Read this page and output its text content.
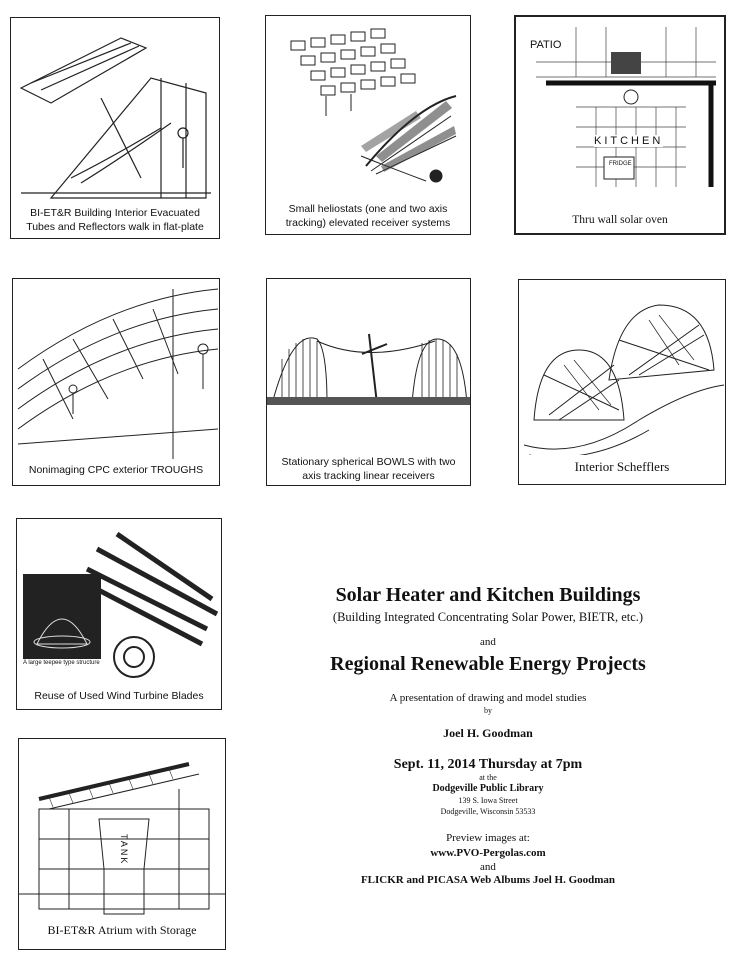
BI-ET&R Building Interior Evacuated Tubes and Reflectors walk in flat-plate
Small heliostats (one and two axis tracking) elevated receiver systems
PATIO
KITCHEN
FRIDGE
Thru wall solar oven
Nonimaging CPC exterior TROUGHS
Stationary spherical BOWLS with two axis tracking linear receivers
Interior Schefflers
A large teepee type structure
Reuse of Used Wind Turbine Blades
TANK
BI-ET&R Atrium with Storage
Solar Heater and Kitchen Buildings
(Building Integrated Concentrating Solar Power, BIETR, etc.)
and
Regional Renewable Energy Projects
A presentation of drawing and model studies
by
Joel H. Goodman
Sept. 11, 2014 Thursday at 7pm
at the
Dodgeville Public Library
139 S. Iowa Street
Dodgeville, Wisconsin 53533
Preview images at:
www.PVO-Pergolas.com
and
FLICKR and PICASA Web Albums Joel H. Goodman
